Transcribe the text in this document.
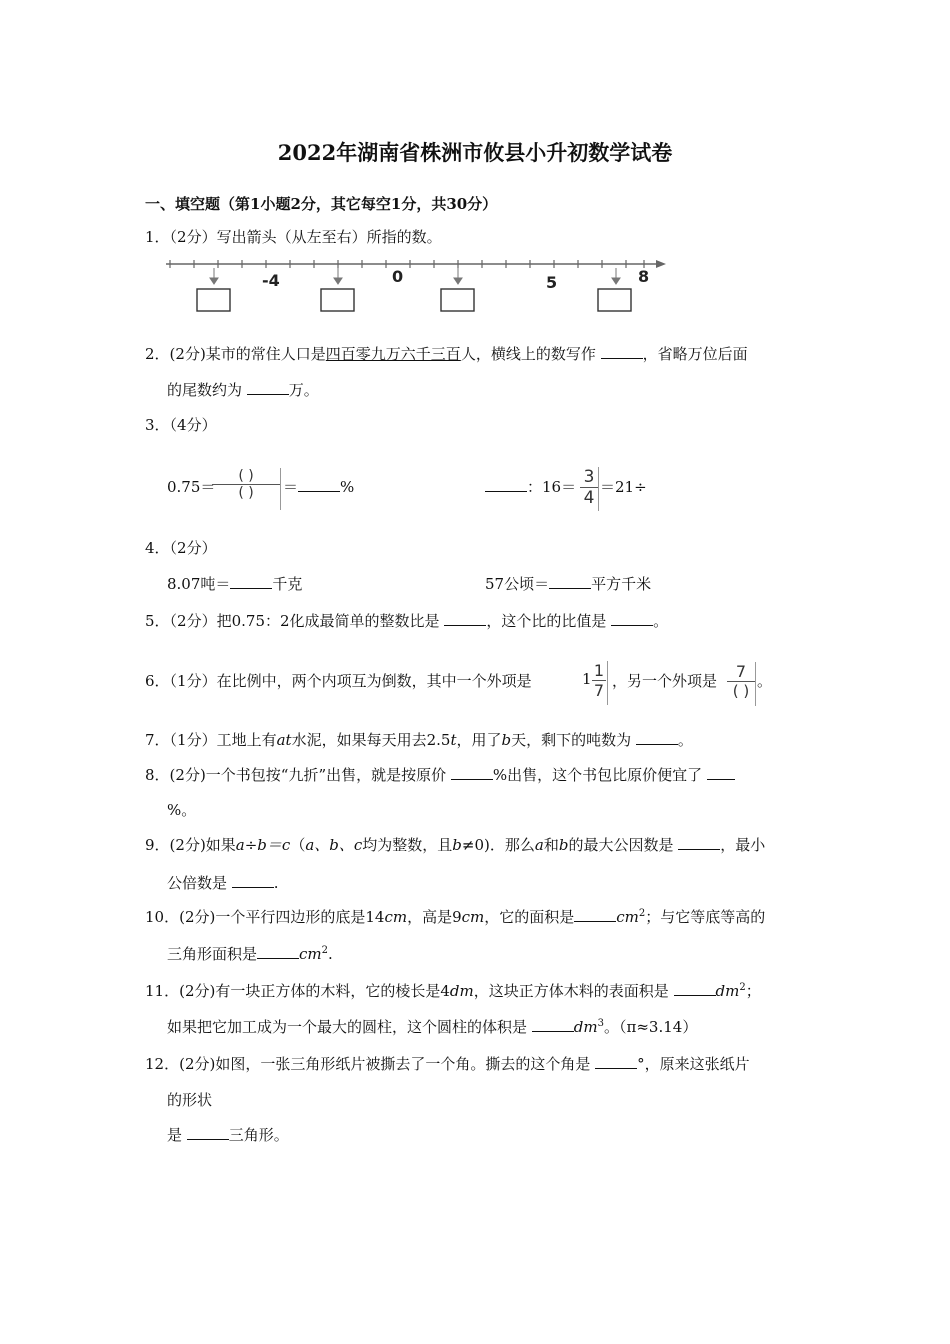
2022年湖南省株洲市攸县小升初数学试卷
一、填空题（第1小题2分，其它每空1分，共30分）
1．（2分）写出箭头（从左至右）所指的数。
-4	0	5	8
2．(2分)某市的常住人口是四百零九万六千三百人，横线上的数写作	，省略万位后面
的尾数约为	万。
3．（4分）
0.75＝
( )
( )	＝	%	：16＝ 3
4
＝21÷
4．（2分）
8.07吨＝	千克	57公顷＝	平方千米
5．（2分）把0.75：2化成最简单的整数比是	，这个比的比值是	。
6．（1分）在比例中，两个内项互为倒数，其中一个外项是	1 1
7 ，另一个外项是	7
( )
。
7．（1分）工地上有at水泥，如果每天用去2.5t，用了b天，剩下的吨数为	。
8．(2分)一个书包按“九折”出售，就是按原价	%出售，这个书包比原价便宜了
%。
9．(2分)如果a÷b＝c（a、b、c均为整数，且b≠0)．那么a和b的最大公因数是	，最小
公倍数是	.
10．(2分)一个平行四边形的底是14cm，高是9cm，它的面积是	$cm^2$；与它等底等高的
三角形面积是	$cm^2$.
11．(2分)有一块正方体的木料，它的棱长是4dm，这块正方体木料的表面积是	$dm^2$；
如果把它加工成为一个最大的圆柱，这个圆柱的体积是	$dm^3$。（π≈3.14）
12．(2分)如图，一张三角形纸片被撕去了一个角。撕去的这个角是	°，原来这张纸片
的形状
是	三角形。
